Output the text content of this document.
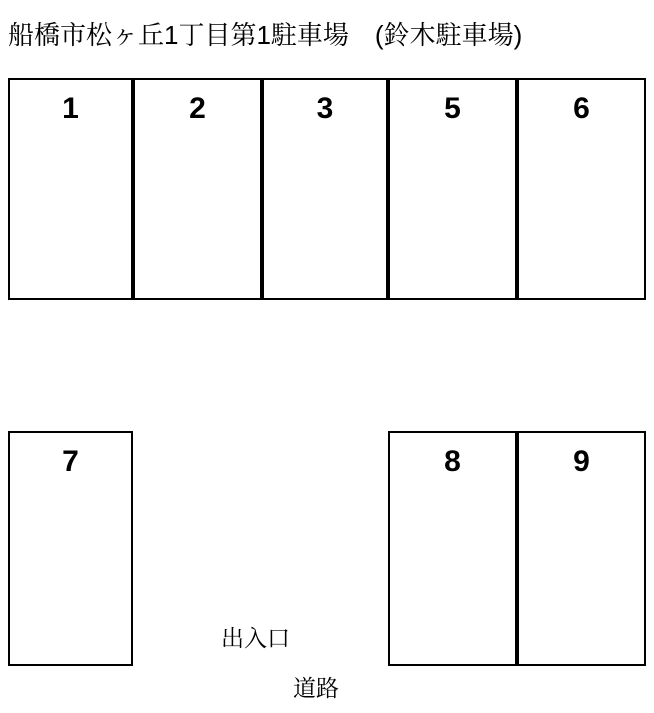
船橋市松ヶ丘1丁目第1駐車場　(鈴木駐車場)
1	2	3	5	6
7	8	9
出入口
道路
